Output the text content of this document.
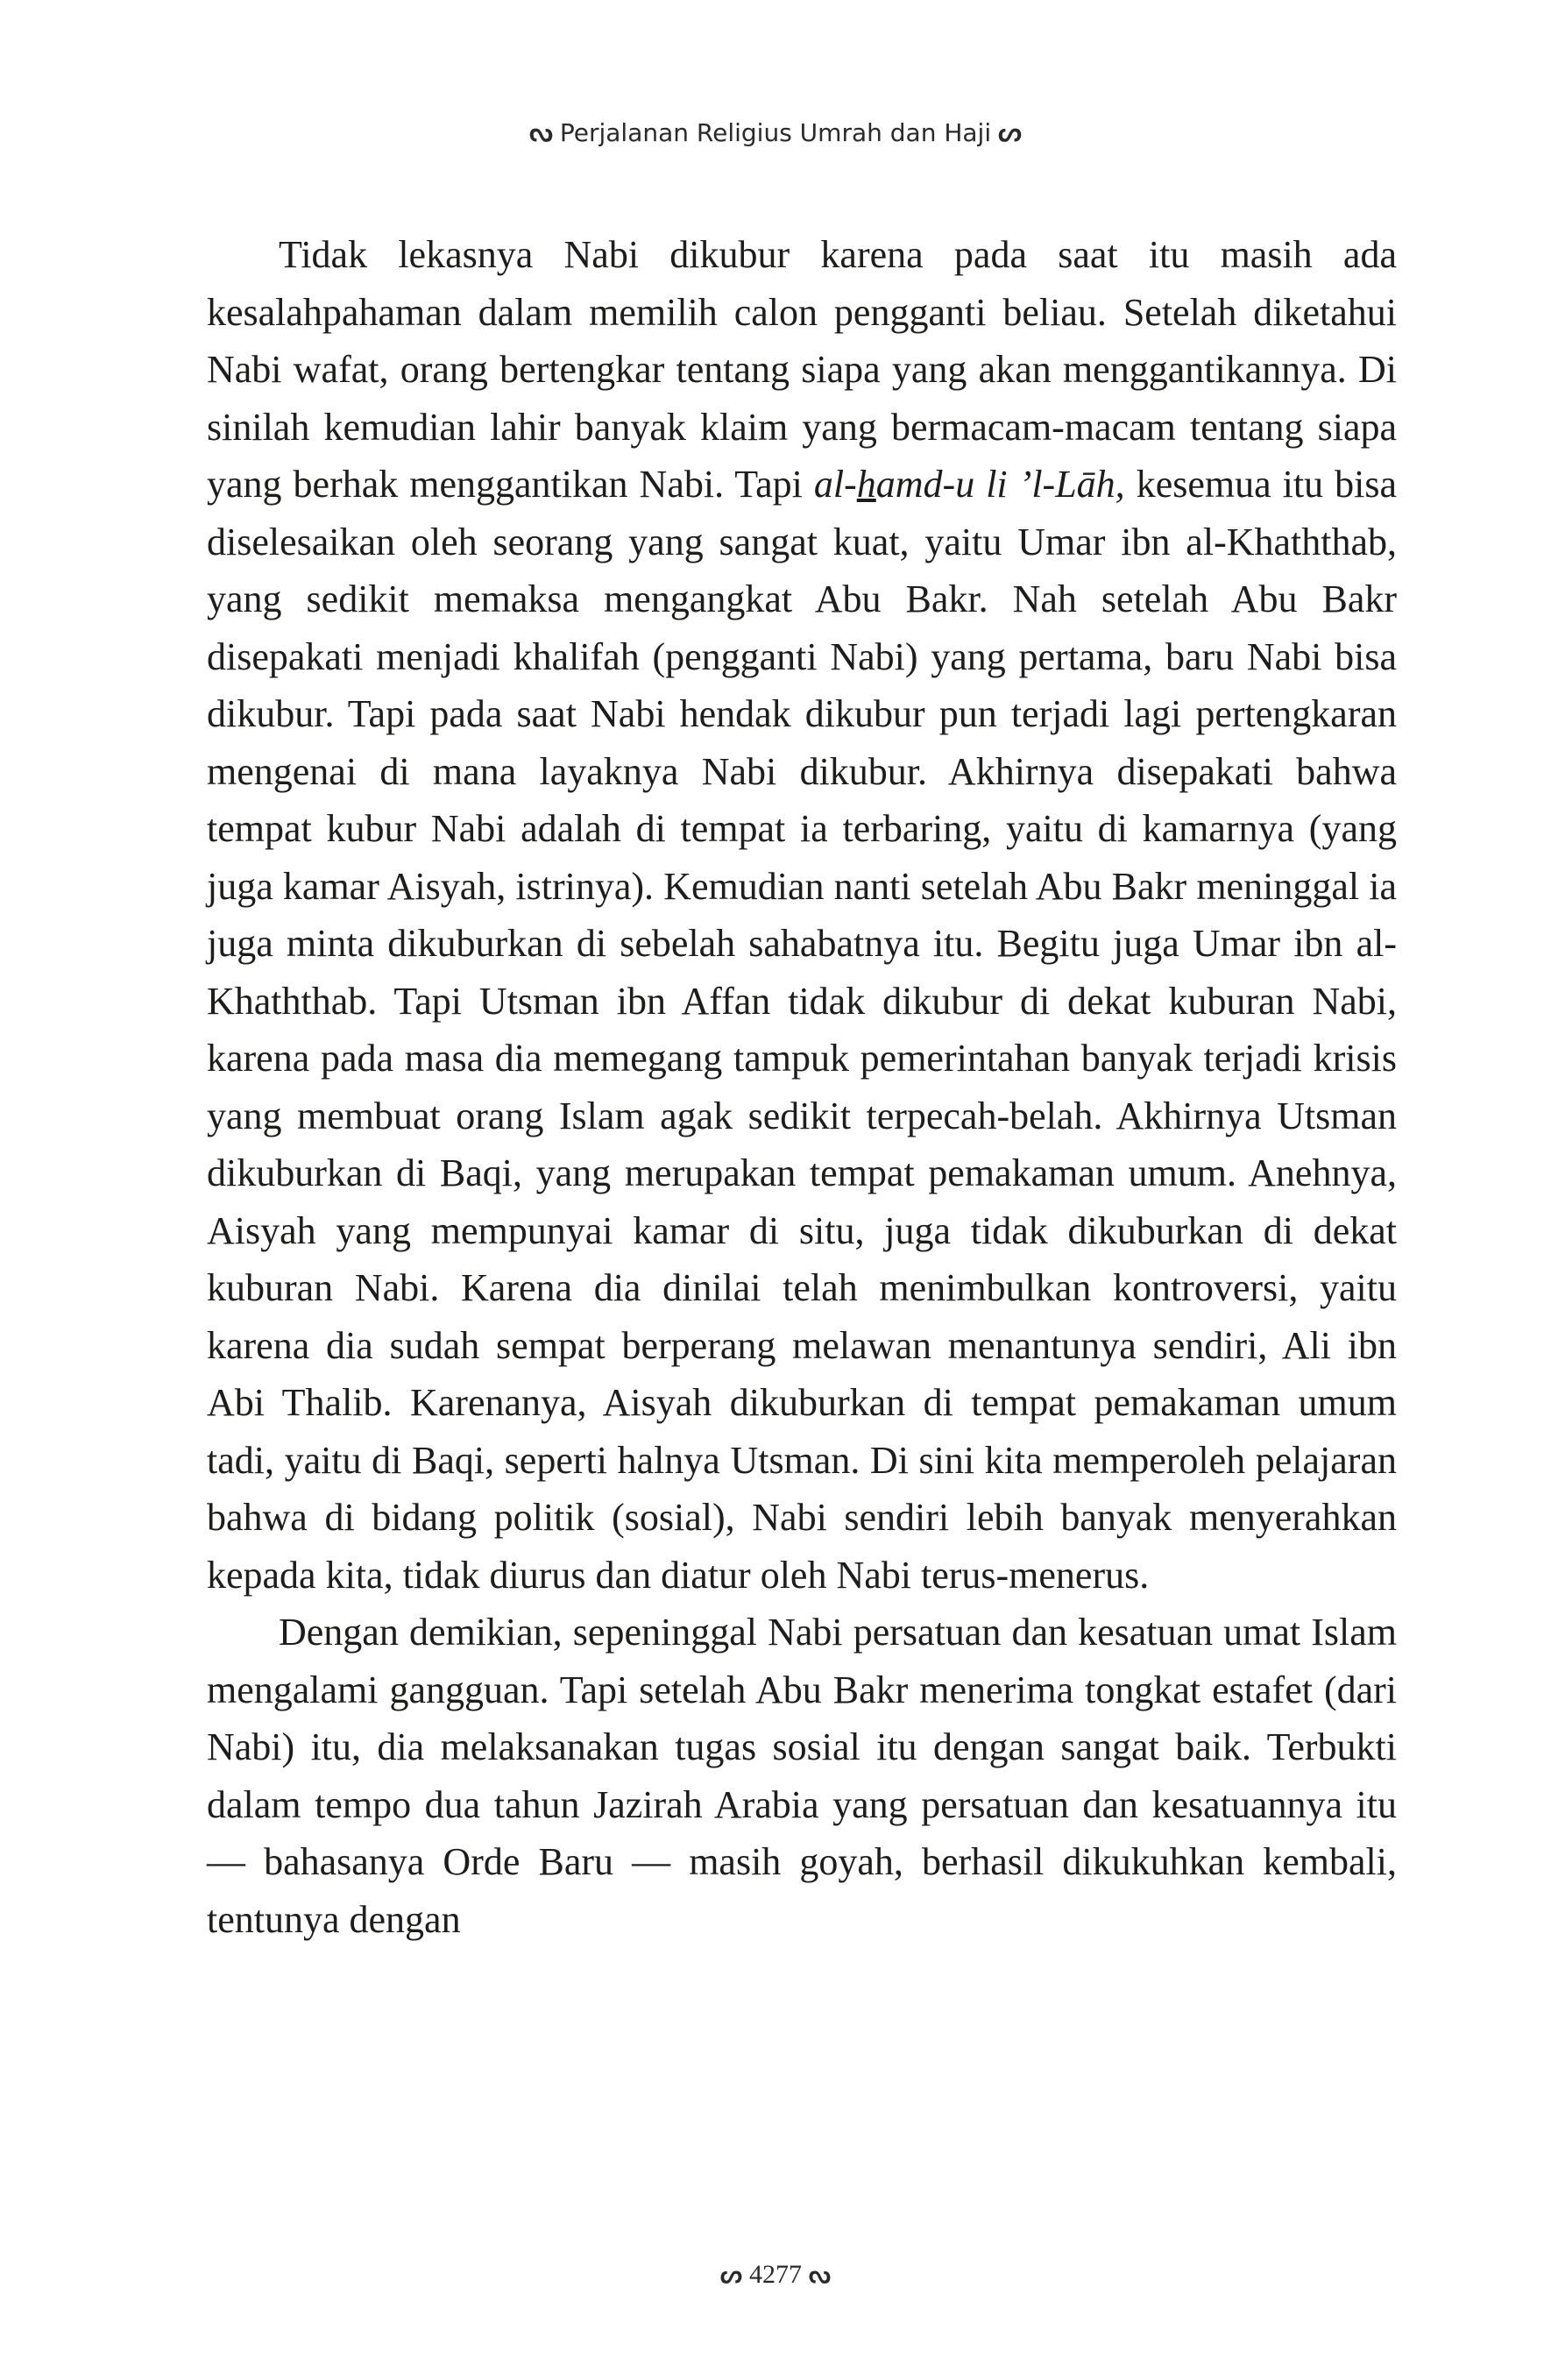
ᔓ Perjalanan Religius Umrah dan Haji ᔕ

Tidak lekasnya Nabi dikubur karena pada saat itu masih ada kesalahpahaman dalam memilih calon pengganti beliau. Setelah diketahui Nabi wafat, orang bertengkar tentang siapa yang akan menggantikannya. Di sinilah kemudian lahir banyak klaim yang bermacam-macam tentang siapa yang berhak menggantikan Nabi. Tapi al-hamd-u li ’l-Lāh, kesemua itu bisa diselesaikan oleh seorang yang sangat kuat, yaitu Umar ibn al-Khaththab, yang sedikit memaksa mengangkat Abu Bakr. Nah setelah Abu Bakr disepakati menjadi khalifah (pengganti Nabi) yang pertama, baru Nabi bisa dikubur. Tapi pada saat Nabi hendak dikubur pun terjadi lagi pertengkaran mengenai di mana layaknya Nabi dikubur. Akhirnya disepakati bahwa tempat kubur Nabi adalah di tempat ia terbaring, yaitu di kamarnya (yang juga kamar Aisyah, istrinya). Kemudian nanti setelah Abu Bakr meninggal ia juga minta dikuburkan di sebelah sahabatnya itu. Begitu juga Umar ibn al-Khaththab. Tapi Utsman ibn Affan tidak dikubur di dekat kuburan Nabi, karena pada masa dia memegang tampuk pemerintahan banyak terjadi krisis yang membuat orang Islam agak sedikit terpecah-belah. Akhirnya Utsman dikuburkan di Baqi, yang merupakan tempat pemakaman umum. Anehnya, Aisyah yang mempunyai kamar di situ, juga tidak dikuburkan di dekat kuburan Nabi. Karena dia dinilai telah menimbulkan kontroversi, yaitu karena dia sudah sempat berperang melawan menantunya sendiri, Ali ibn Abi Thalib. Karenanya, Aisyah dikuburkan di tempat pemakaman umum tadi, yaitu di Baqi, seperti halnya Utsman. Di sini kita memperoleh pelajaran bahwa di bidang politik (sosial), Nabi sendiri lebih banyak menyerahkan kepada kita, tidak diurus dan diatur oleh Nabi terus-menerus.

Dengan demikian, sepeninggal Nabi persatuan dan kesatuan umat Islam mengalami gangguan. Tapi setelah Abu Bakr menerima tongkat estafet (dari Nabi) itu, dia melaksanakan tugas sosial itu dengan sangat baik. Terbukti dalam tempo dua tahun Jazirah Arabia yang persatuan dan kesatuannya itu — bahasanya Orde Baru — masih goyah, berhasil dikukuhkan kembali, tentunya dengan

ᔕ 4277 ᔓ
